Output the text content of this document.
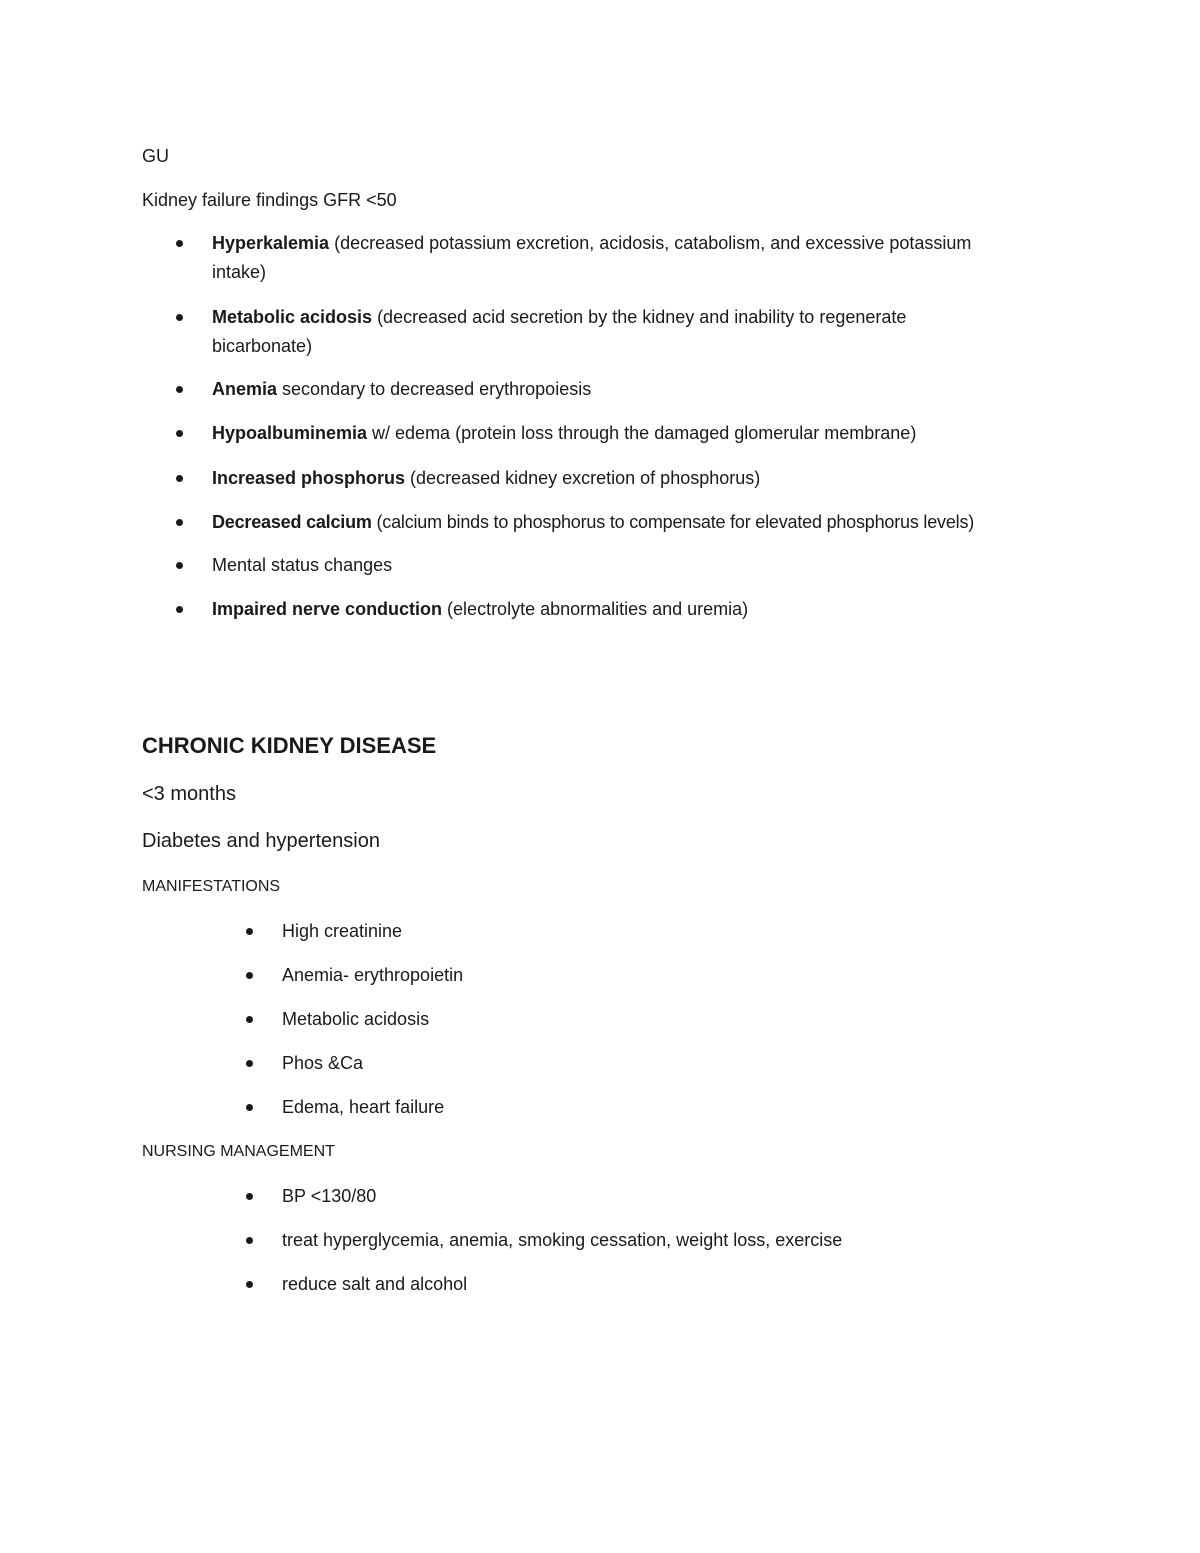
GU
Kidney failure findings GFR <50
Hyperkalemia (decreased potassium excretion, acidosis, catabolism, and excessive potassium
intake)
Metabolic acidosis (decreased acid secretion by the kidney and inability to regenerate
bicarbonate)
Anemia secondary to decreased erythropoiesis
Hypoalbuminemia w/ edema (protein loss through the damaged glomerular membrane)
Increased phosphorus (decreased kidney excretion of phosphorus)
Decreased calcium (calcium binds to phosphorus to compensate for elevated phosphorus levels)
Mental status changes
Impaired nerve conduction (electrolyte abnormalities and uremia)
CHRONIC KIDNEY DISEASE
<3 months
Diabetes and hypertension
MANIFESTATIONS
High creatinine
Anemia- erythropoietin
Metabolic acidosis
Phos &Ca
Edema, heart failure
NURSING MANAGEMENT
BP <130/80
treat hyperglycemia, anemia, smoking cessation, weight loss, exercise
reduce salt and alcohol
